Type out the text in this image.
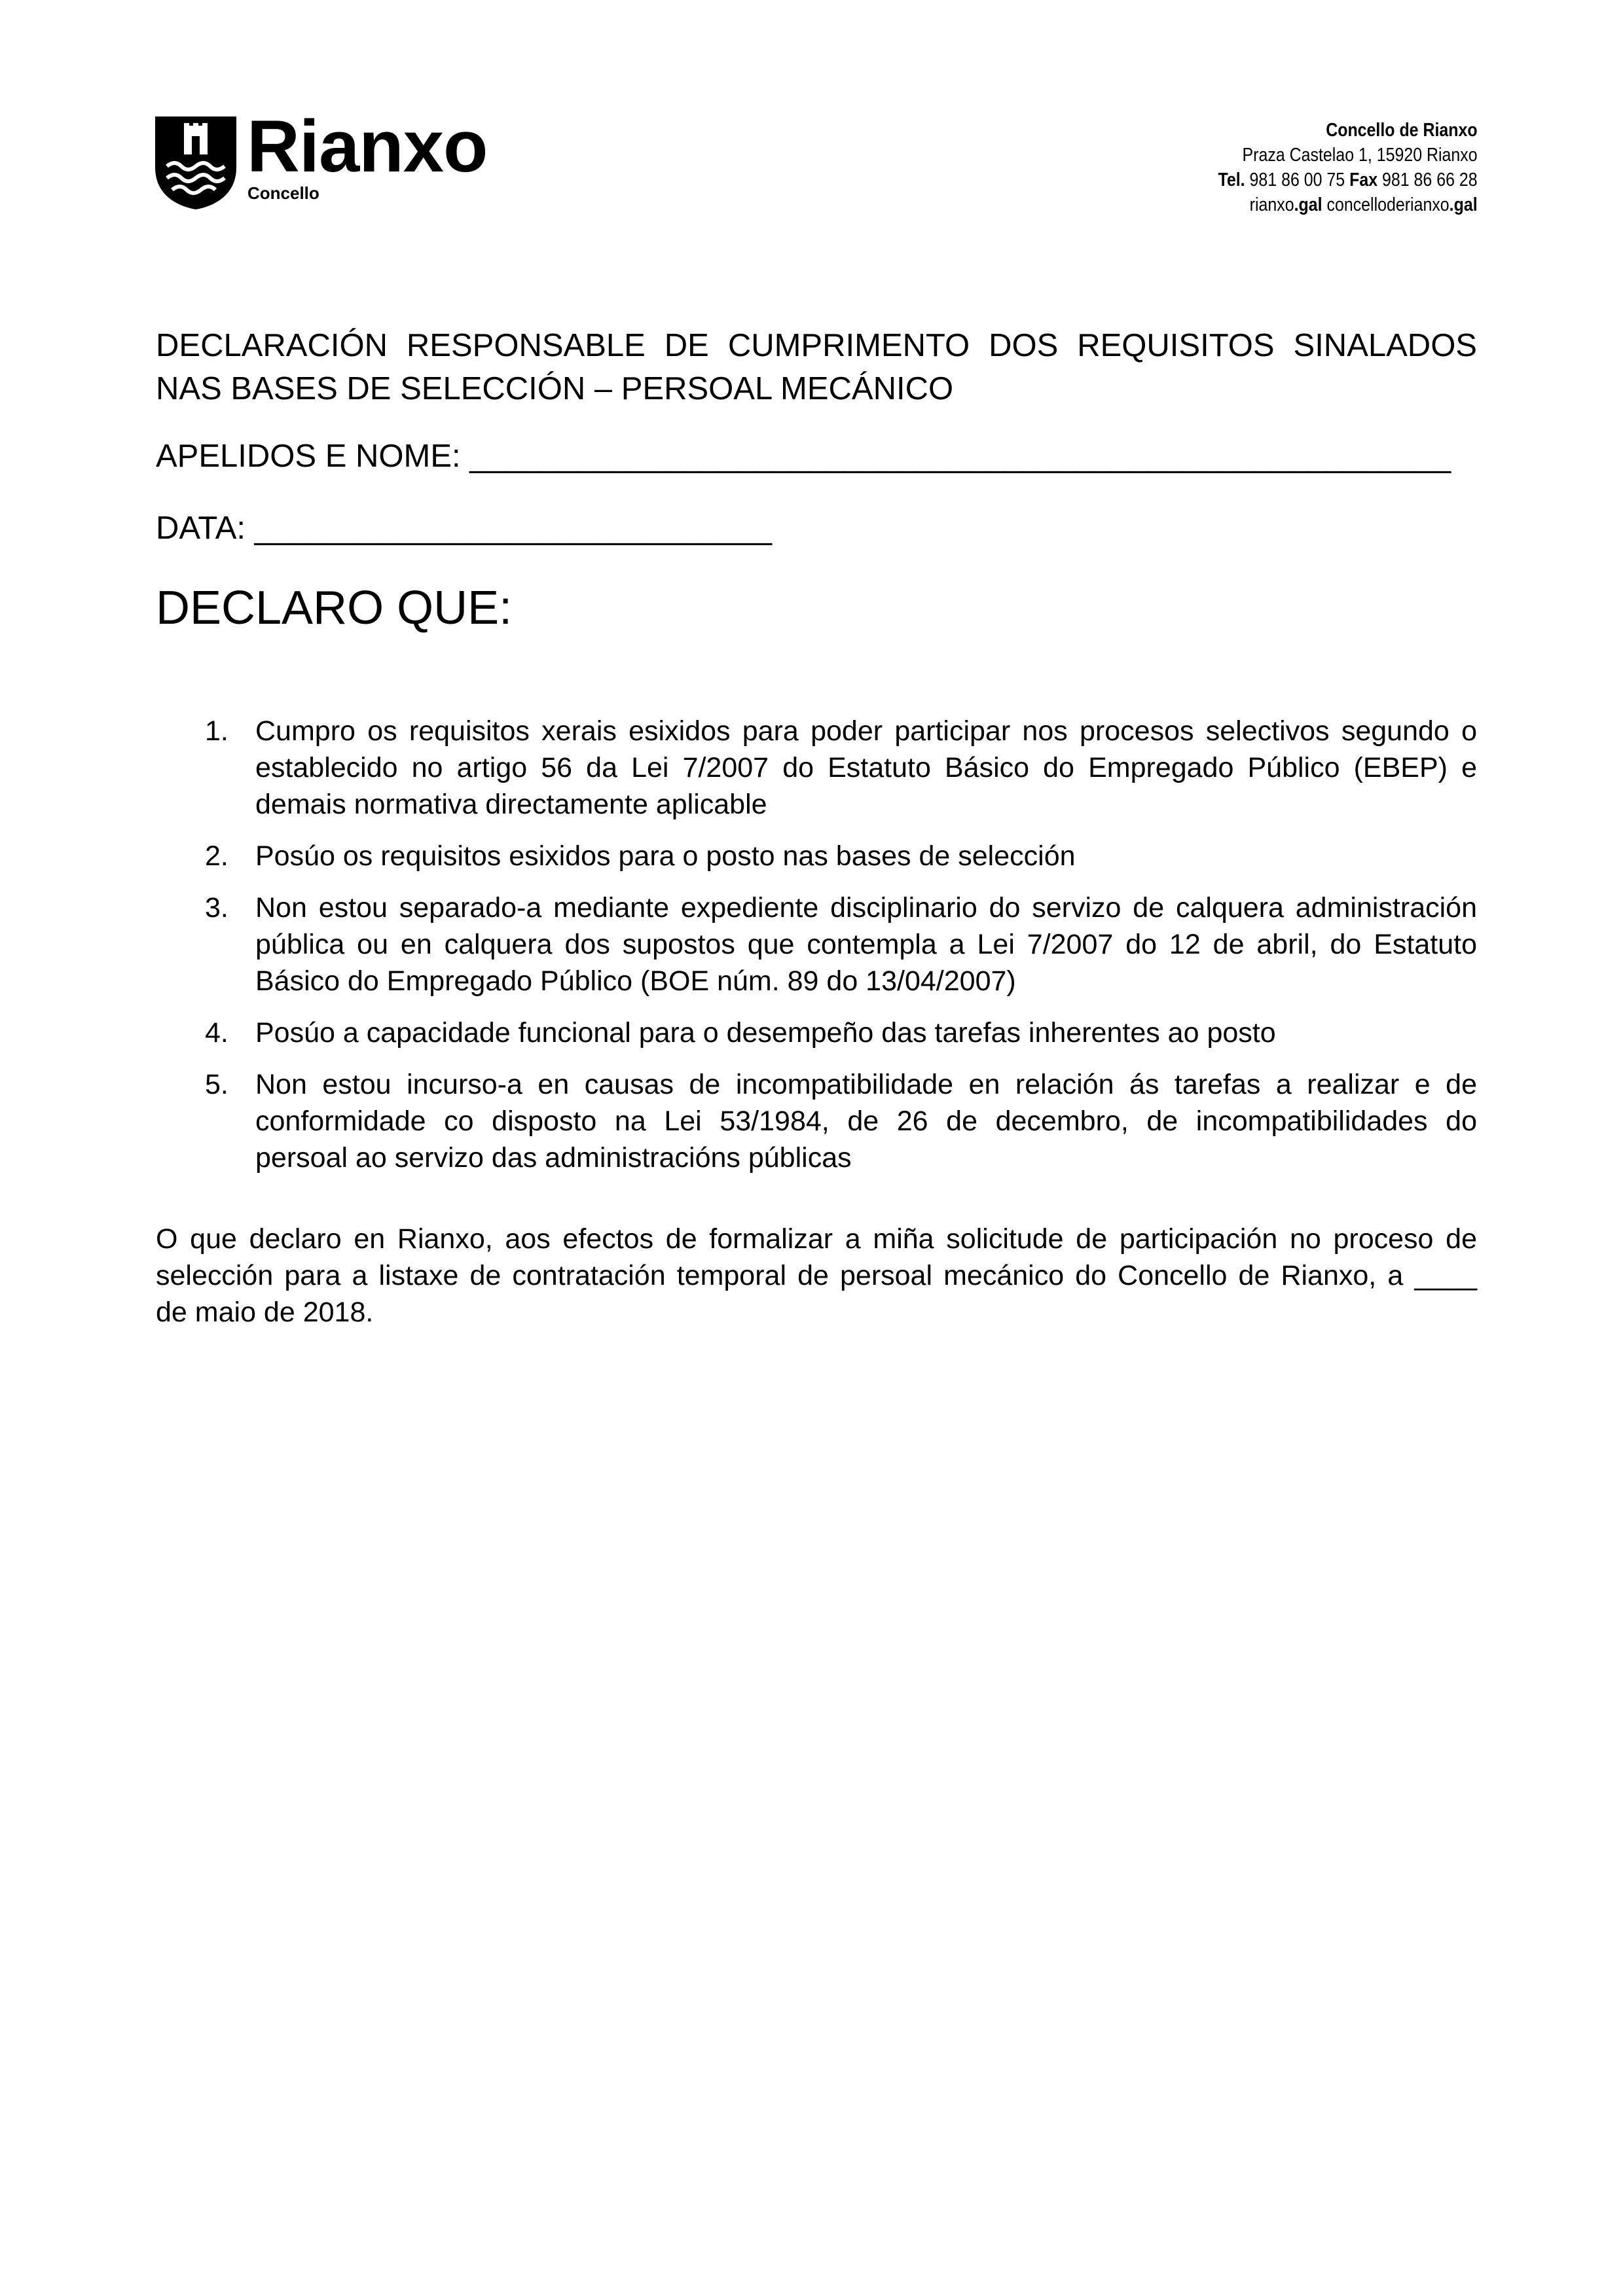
Rianxo
Concello
Concello de Rianxo
Praza Castelao 1, 15920 Rianxo
Tel. 981 86 00 75 Fax 981 86 66 28
rianxo.gal concelloderianxo.gal

DECLARACIÓN RESPONSABLE DE CUMPRIMENTO DOS REQUISITOS SINALADOS
NAS BASES DE SELECCIÓN – PERSOAL MECÁNICO

APELIDOS E NOME: _______________________________________________________

DATA: _____________________________

DECLARO QUE:

1. Cumpro os requisitos xerais esixidos para poder participar nos procesos selectivos segundo o
establecido no artigo 56 da Lei 7/2007 do Estatuto Básico do Empregado Público (EBEP) e
demais normativa directamente aplicable
2. Posúo os requisitos esixidos para o posto nas bases de selección
3. Non estou separado-a mediante expediente disciplinario do servizo de calquera administración
pública ou en calquera dos supostos que contempla a Lei 7/2007 do 12 de abril, do Estatuto
Básico do Empregado Público (BOE núm. 89 do 13/04/2007)
4. Posúo a capacidade funcional para o desempeño das tarefas inherentes ao posto
5. Non estou incurso-a en causas de incompatibilidade en relación ás tarefas a realizar e de
conformidade co disposto na Lei 53/1984, de 26 de decembro, de incompatibilidades do
persoal ao servizo das administracións públicas

O que declaro en Rianxo, aos efectos de formalizar a miña solicitude de participación no proceso de
selección para a listaxe de contratación temporal de persoal mecánico do Concello de Rianxo, a ____
de maio de 2018.
